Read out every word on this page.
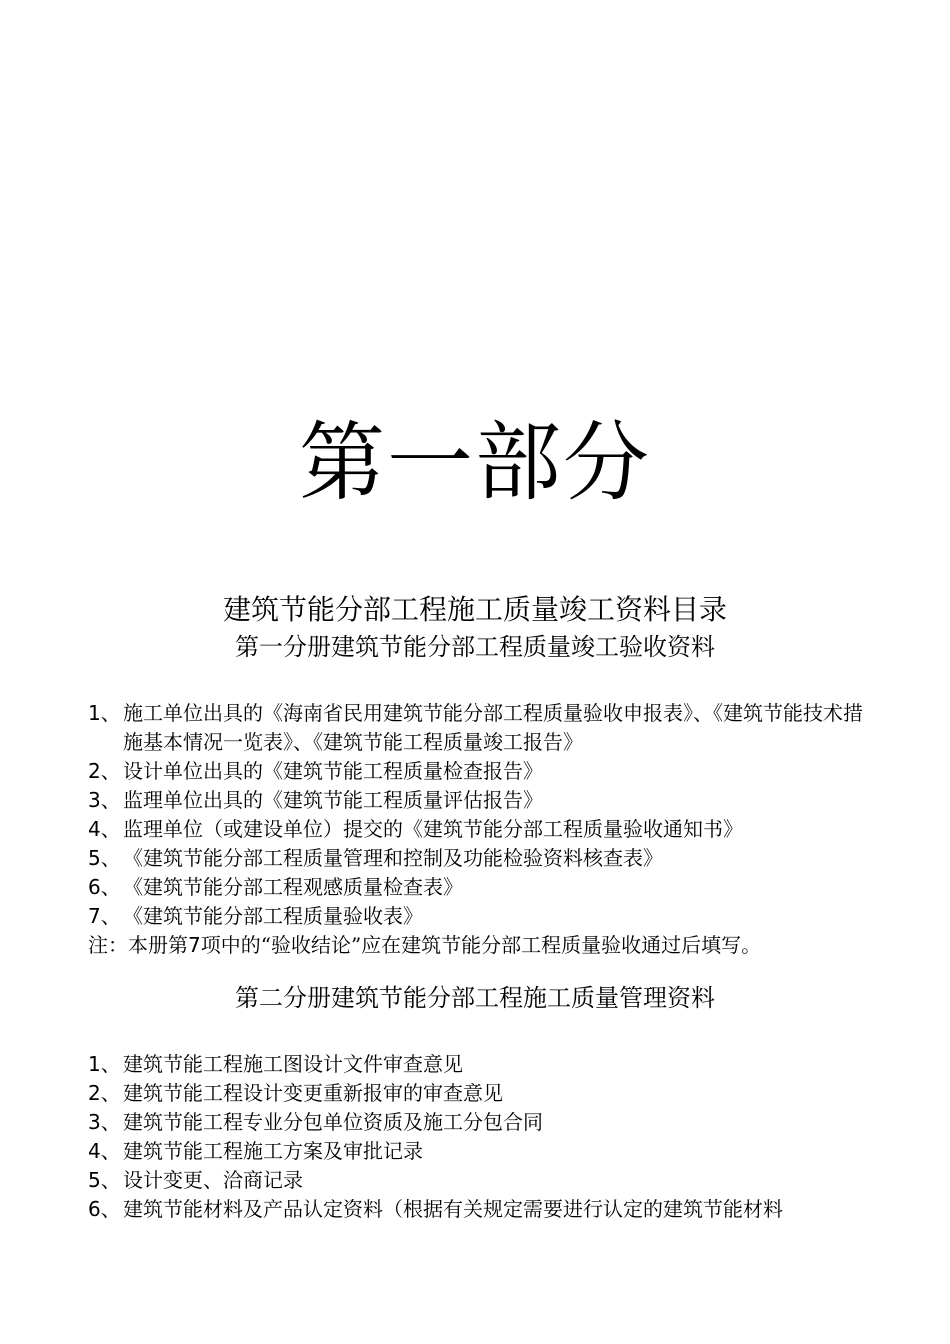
第一部分
建筑节能分部工程施工质量竣工资料目录
第一分册建筑节能分部工程质量竣工验收资料
1、 施工单位出具的《海南省民用建筑节能分部工程质量验收申报表》、《建筑节能技术措施基本情况一览表》、《建筑节能工程质量竣工报告》
2、 设计单位出具的《建筑节能工程质量检查报告》
3、 监理单位出具的《建筑节能工程质量评估报告》
4、 监理单位（或建设单位）提交的《建筑节能分部工程质量验收通知书》
5、 《建筑节能分部工程质量管理和控制及功能检验资料核查表》
6、 《建筑节能分部工程观感质量检查表》
7、 《建筑节能分部工程质量验收表》
注：本册第7项中的“验收结论”应在建筑节能分部工程质量验收通过后填写。
第二分册建筑节能分部工程施工质量管理资料
1、 建筑节能工程施工图设计文件审查意见
2、 建筑节能工程设计变更重新报审的审查意见
3、 建筑节能工程专业分包单位资质及施工分包合同
4、 建筑节能工程施工方案及审批记录
5、 设计变更、洽商记录
6、 建筑节能材料及产品认定资料（根据有关规定需要进行认定的建筑节能材料
